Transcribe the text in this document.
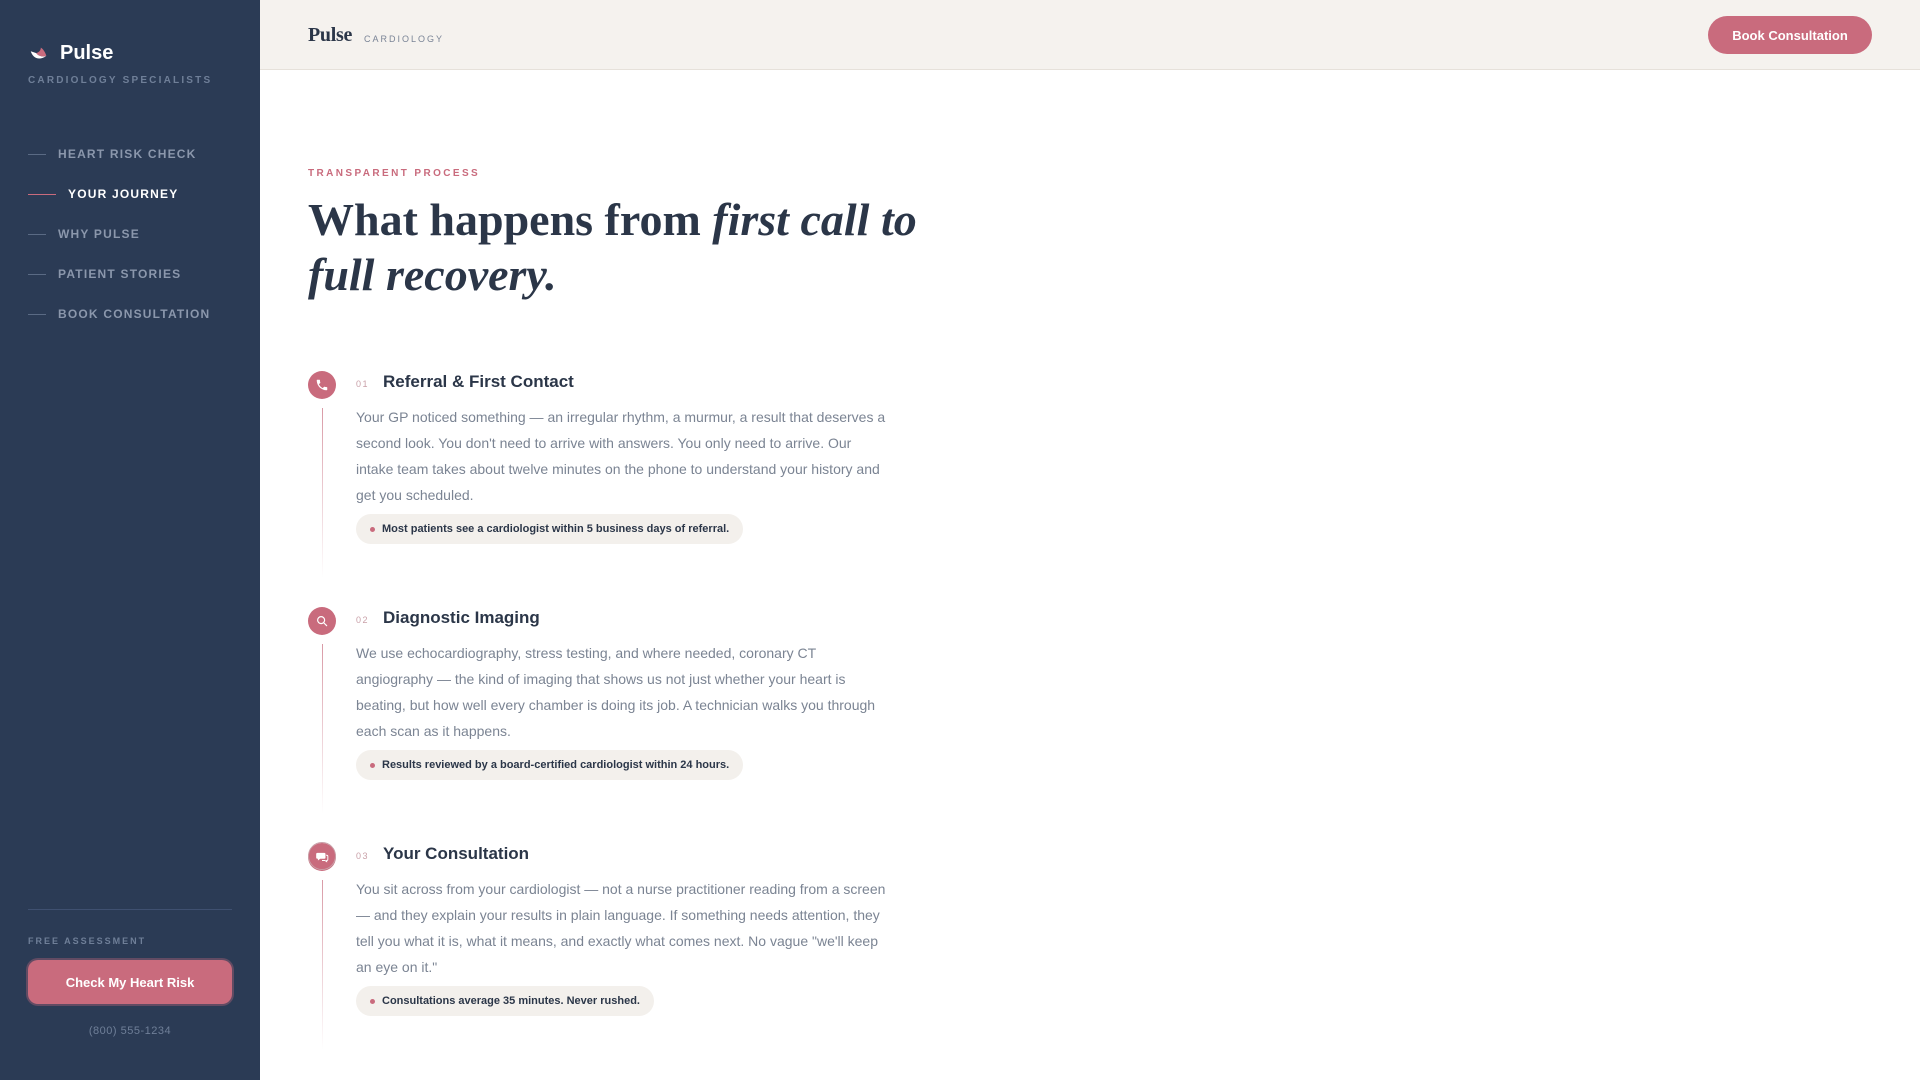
Pulse
CARDIOLOGY SPECIALISTS
HEART RISK CHECK
YOUR JOURNEY
WHY PULSE
PATIENT STORIES
BOOK CONSULTATION
FREE ASSESSMENT
Check My Heart Risk
(800) 555-1234
Pulse CARDIOLOGY	Book Consultation
TRANSPARENT PROCESS
What happens from first call to full recovery.
01 Referral & First Contact

Your GP noticed something — an irregular rhythm, a murmur, a result that deserves a second look. You don't need to arrive with answers. You only need to arrive. Our intake team takes about twelve minutes on the phone to understand your history and get you scheduled.

Most patients see a cardiologist within 5 business days of referral.
02 Diagnostic Imaging

We use echocardiography, stress testing, and where needed, coronary CT angiography — the kind of imaging that shows us not just whether your heart is beating, but how well every chamber is doing its job. A technician walks you through each scan as it happens.

Results reviewed by a board-certified cardiologist within 24 hours.
03 Your Consultation

You sit across from your cardiologist — not a nurse practitioner reading from a screen — and they explain your results in plain language. If something needs attention, they tell you what it is, what it means, and exactly what comes next. No vague "we'll keep an eye on it."

Consultations average 35 minutes. Never rushed.
